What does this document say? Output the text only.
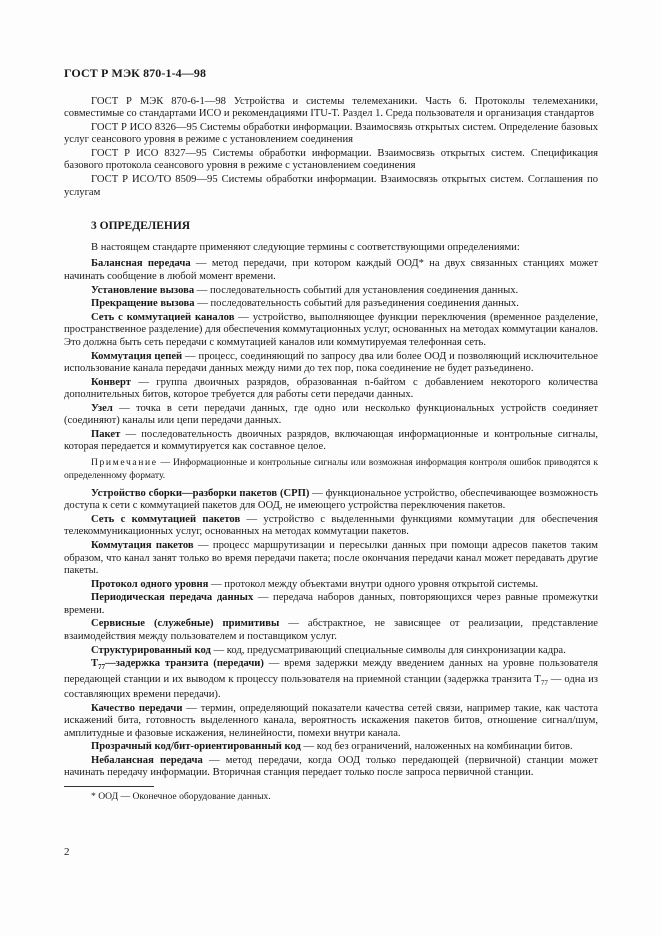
ГОСТ Р МЭК 870-1-4—98

ГОСТ Р МЭК 870-6-1—98 Устройства и системы телемеханики. Часть 6. Протоколы телемеханики, совместимые со стандартами ИСО и рекомендациями ITU-T. Раздел 1. Среда пользователя и организация стандартов

ГОСТ Р ИСО 8326—95 Системы обработки информации. Взаимосвязь открытых систем. Определение базовых услуг сеансового уровня в режиме с установлением соединения

ГОСТ Р ИСО 8327—95 Системы обработки информации. Взаимосвязь открытых систем. Спецификация базового протокола сеансового уровня в режиме с установлением соединения

ГОСТ Р ИСО/ТО 8509—95 Системы обработки информации. Взаимосвязь открытых систем. Соглашения по услугам

3 ОПРЕДЕЛЕНИЯ

В настоящем стандарте применяют следующие термины с соответствующими определениями:

Балансная передача — метод передачи, при котором каждый ООД* на двух связанных станциях может начинать сообщение в любой момент времени.

Установление вызова — последовательность событий для установления соединения данных.

Прекращение вызова — последовательность событий для разъединения соединения данных.

Сеть с коммутацией каналов — устройство, выполняющее функции переключения (временное разделение, пространственное разделение) для обеспечения коммутационных услуг, основанных на методах коммутации каналов. Это должна быть сеть передачи с коммутацией каналов или коммутируемая телефонная сеть.

Коммутация цепей — процесс, соединяющий по запросу два или более ООД и позволяющий исключительное использование канала передачи данных между ними до тех пор, пока соединение не будет разъединено.

Конверт — группа двоичных разрядов, образованная n-байтом с добавлением некоторого количества дополнительных битов, которое требуется для работы сети передачи данных.

Узел — точка в сети передачи данных, где одно или несколько функциональных устройств соединяет (соединяют) каналы или цепи передачи данных.

Пакет — последовательность двоичных разрядов, включающая информационные и контрольные сигналы, которая передается и коммутируется как составное целое.

Примечание — Информационные и контрольные сигналы или возможная информация контроля ошибок приводятся к определенному формату.

Устройство сборки—разборки пакетов (СРП) — функциональное устройство, обеспечивающее возможность доступа к сети с коммутацией пакетов для ООД, не имеющего устройства переключения пакетов.

Сеть с коммутацией пакетов — устройство с выделенными функциями коммутации для обеспечения телекоммуникационных услуг, основанных на методах коммутации пакетов.

Коммутация пакетов — процесс маршрутизации и пересылки данных при помощи адресов пакетов таким образом, что канал занят только во время передачи пакета; после окончания передачи канал может передавать другие пакеты.

Протокол одного уровня — протокол между объектами внутри одного уровня открытой системы.

Периодическая передача данных — передача наборов данных, повторяющихся через равные промежутки времени.

Сервисные (служебные) примитивы — абстрактное, не зависящее от реализации, представление взаимодействия между пользователем и поставщиком услуг.

Структурированный код — код, предусматривающий специальные символы для синхронизации кадра.

$T_{77}—задержка$ транзита (передачи) — время задержки между введением данных на уровне пользователя передающей станции и их выводом к процессу пользователя на приемной станции (задержка транзита $T_{77}$ — одна из составляющих времени передачи).

Качество передачи — термин, определяющий показатели качества сетей связи, например такие, как частота искажений бита, готовность выделенного канала, вероятность искажения пакетов битов, отношение сигнал/шум, амплитудные и фазовые искажения, нелинейности, помехи внутри канала.

Прозрачный код/бит-ориентированный код — код без ограничений, наложенных на комбинации битов.

Небалансная передача — метод передачи, когда ООД только передающей (первичной) станции может начинать передачу информации. Вторичная станция передает только после запроса первичной станции.

* ООД — Оконечное оборудование данных.

2
